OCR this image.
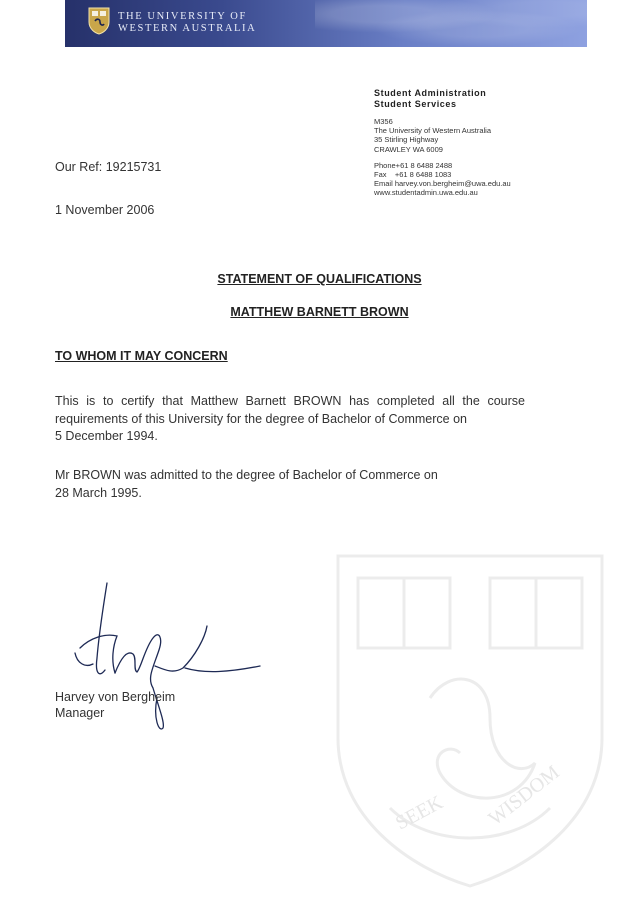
THE UNIVERSITY OF
WESTERN AUSTRALIA
Student Administration
Student Services
M356
The University of Western Australia
35 Stirling Highway
CRAWLEY WA 6009
Phone+61 8 6488 2488
Fax    +61 8 6488 1083
Email harvey.von.bergheim@uwa.edu.au
www.studentadmin.uwa.edu.au
Our Ref: 19215731
1 November 2006
STATEMENT OF QUALIFICATIONS
MATTHEW BARNETT BROWN
TO WHOM IT MAY CONCERN
This is to certify that Matthew Barnett BROWN has completed all the course
requirements of this University for the degree of Bachelor of Commerce on
5 December 1994.
Mr BROWN was admitted to the degree of Bachelor of Commerce on
28 March 1995.
SEEK WISDOM
Harvey von Bergheim
Manager
